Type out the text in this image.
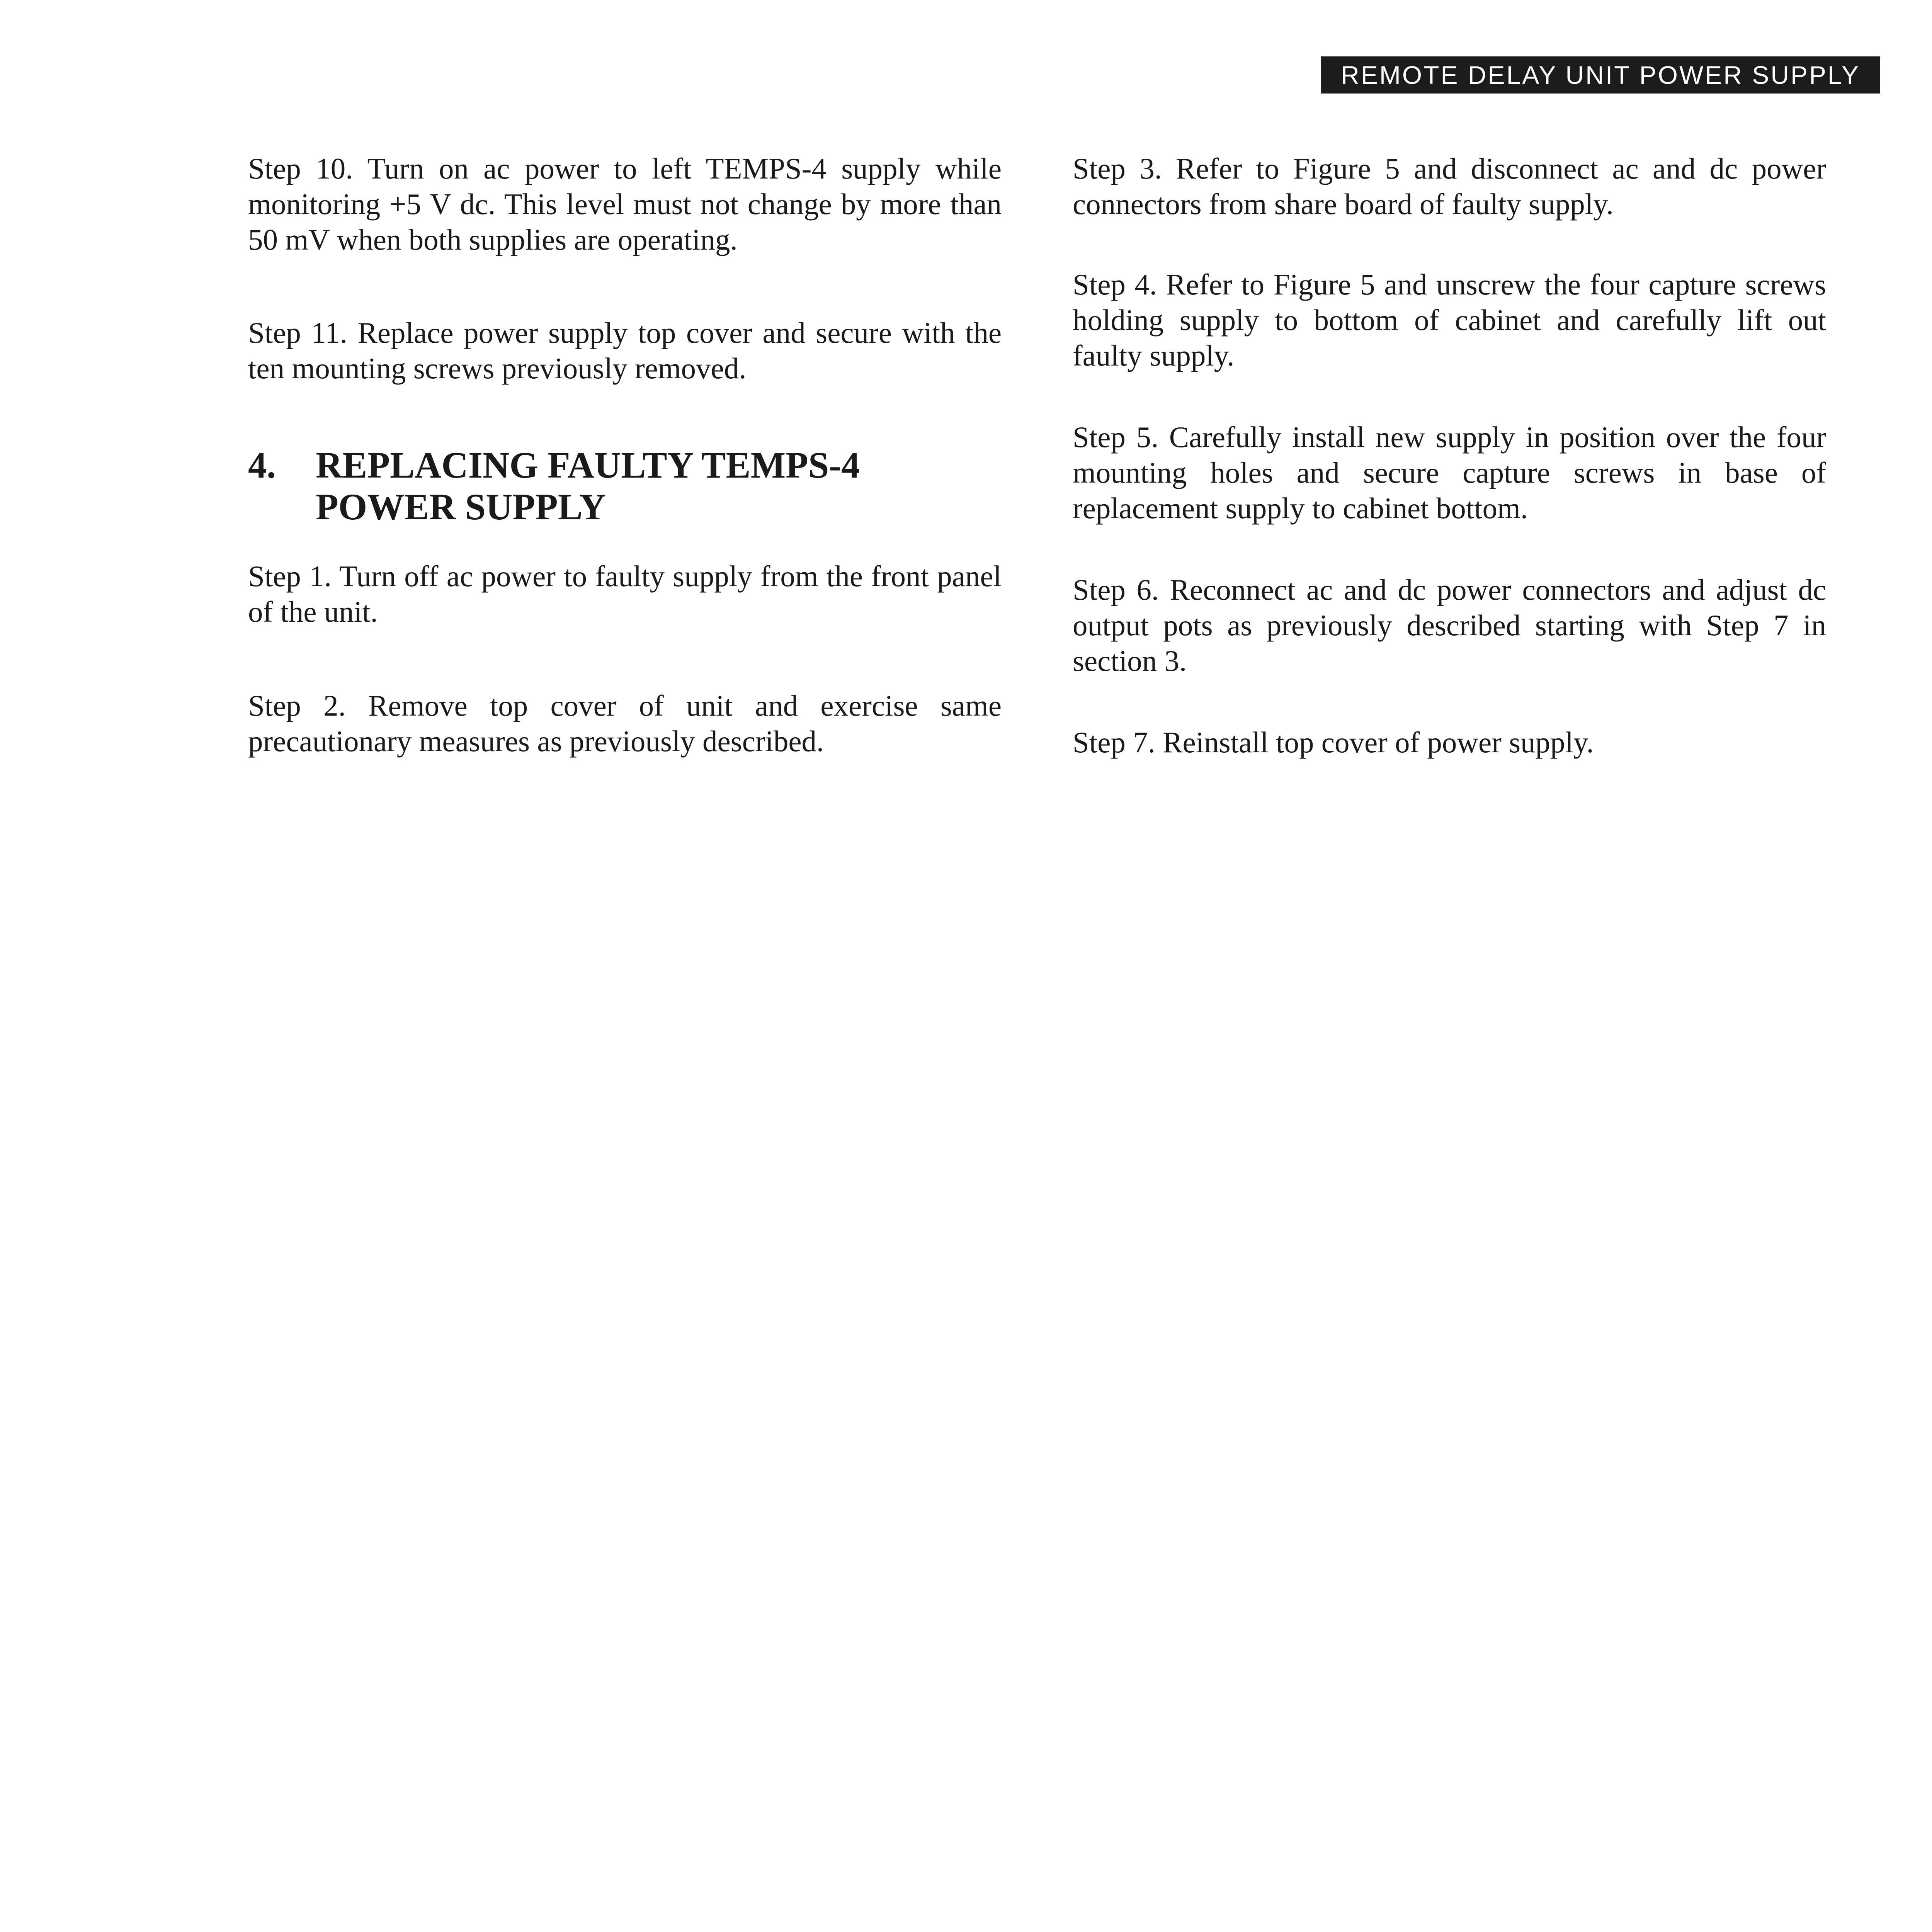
REMOTE DELAY UNIT POWER SUPPLY

Step 10. Turn on ac power to left TEMPS-4 supply while monitoring +5 V dc. This level must not change by more than 50 mV when both supplies are operating.

Step 11. Replace power supply top cover and secure with the ten mounting screws previously removed.

4.	REPLACING FAULTY TEMPS-4 POWER SUPPLY

Step 1. Turn off ac power to faulty supply from the front panel of the unit.

Step 2. Remove top cover of unit and exercise same precautionary measures as previously described.

Step 3. Refer to Figure 5 and disconnect ac and dc power connectors from share board of faulty supply.

Step 4. Refer to Figure 5 and unscrew the four capture screws holding supply to bottom of cabinet and carefully lift out faulty supply.

Step 5. Carefully install new supply in position over the four mounting holes and secure capture screws in base of replacement supply to cabinet bottom.

Step 6. Reconnect ac and dc power connectors and adjust dc output pots as previously described starting with Step 7 in section 3.

Step 7. Reinstall top cover of power supply.
